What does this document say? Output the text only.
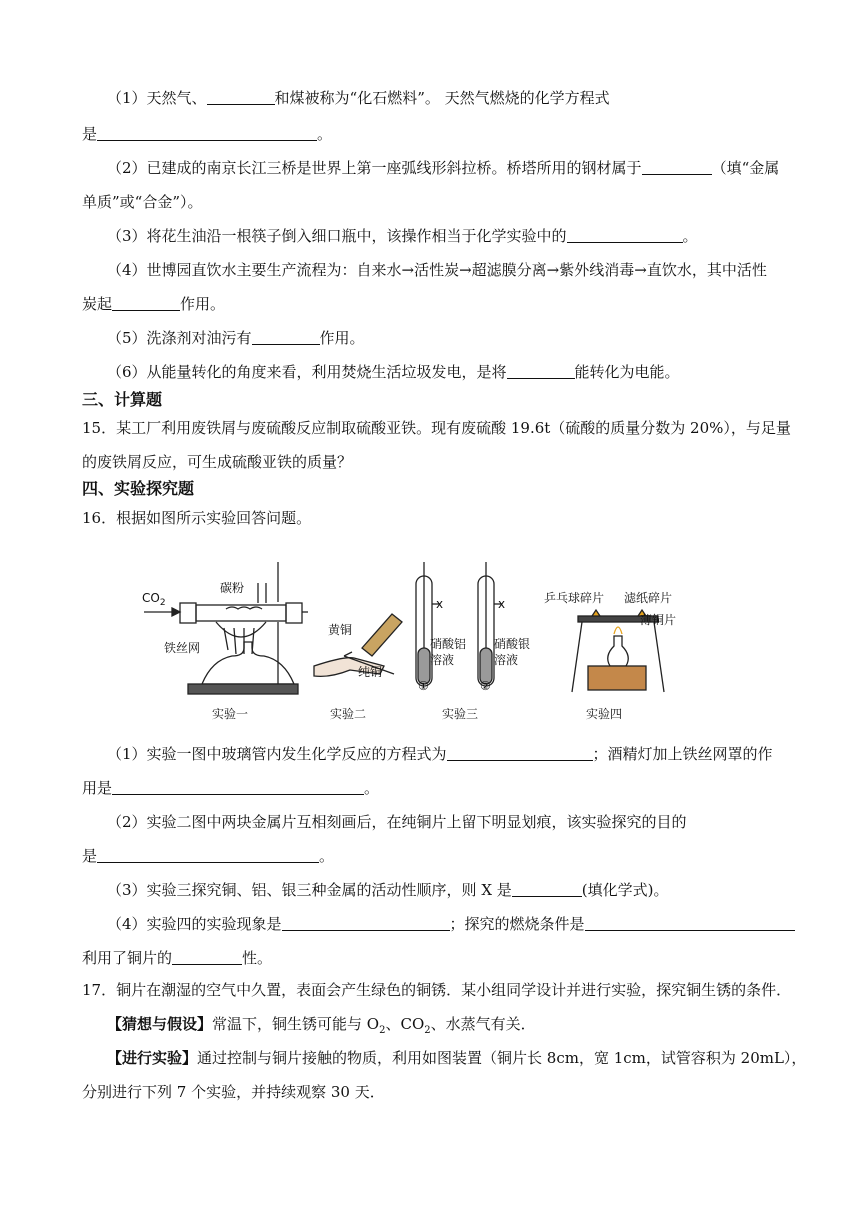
（1）天然气、	和煤被称为“化石燃料”。 天然气燃烧的化学方程式
是	。
（2）已建成的南京长江三桥是世界上第一座弧线形斜拉桥。桥塔所用的钢材属于	（填“金属
单质”或“合金”）。
（3）将花生油沿一根筷子倒入细口瓶中，该操作相当于化学实验中的	。
（4）世博园直饮水主要生产流程为：自来水→活性炭→超滤膜分离→紫外线消毒→直饮水，其中活性
炭起	作用。
（5）洗涤剂对油污有	作用。
（6）从能量转化的角度来看，利用焚烧生活垃圾发电，是将	能转化为电能。
三、计算题
15．某工厂利用废铁屑与废硫酸反应制取硫酸亚铁。现有废硫酸 19.6t（硫酸的质量分数为 20%），与足量
的废铁屑反应，可生成硫酸亚铁的质量？
四、实验探究题
16．根据如图所示实验回答问题。
$CO_2$
碳粉
铁丝网
黄铜
纯铜
x	x
硝酸铝
溶液
硝酸银
溶液
①	②
乒乓球碎片 滤纸碎片
薄铜片
实验一	实验二	实验三	实验四
（1）实验一图中玻璃管内发生化学反应的方程式为	；酒精灯加上铁丝网罩的作
用是	。
（2）实验二图中两块金属片互相刻画后，在纯铜片上留下明显划痕，该实验探究的目的
是	。
（3）实验三探究铜、铝、银三种金属的活动性顺序，则 X 是	(填化学式)。
（4）实验四的实验现象是	；探究的燃烧条件是
利用了铜片的	性。
17．铜片在潮湿的空气中久置，表面会产生绿色的铜锈．某小组同学设计并进行实验，探究铜生锈的条件．
【猜想与假设】常温下，铜生锈可能与 $O_2$、$CO_2$、水蒸气有关．
【进行实验】通过控制与铜片接触的物质，利用如图装置（铜片长 8cm，宽 1cm，试管容积为 20mL），
分别进行下列 7 个实验，并持续观察 30 天．
